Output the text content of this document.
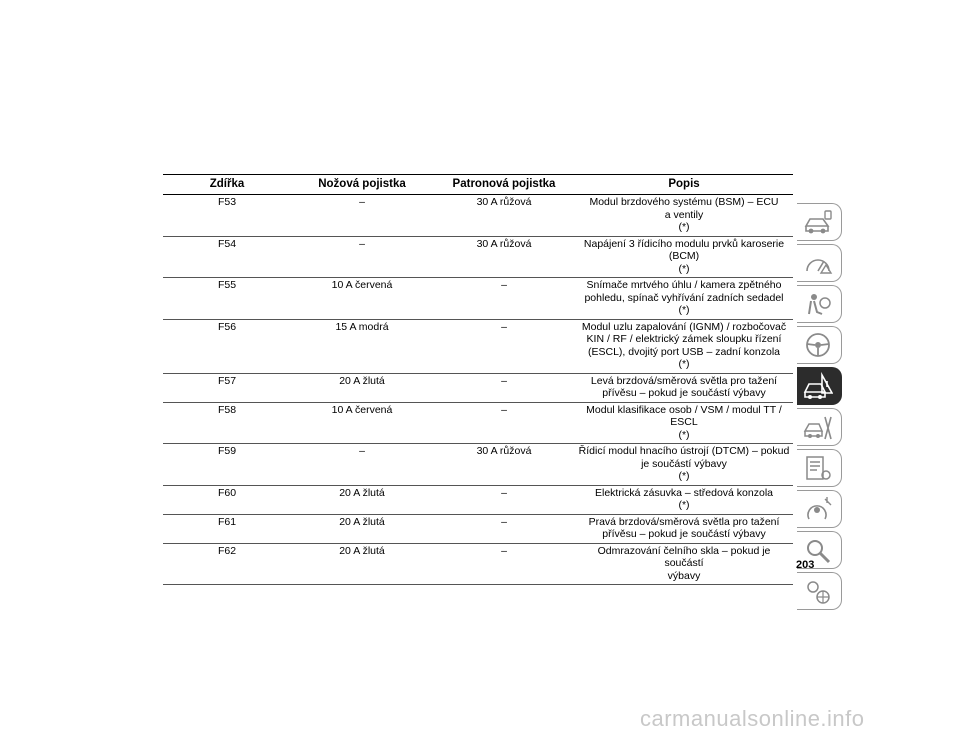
Zdířka	Nožová pojistka	Patronová pojistka	Popis
F53	–	30 A růžová	Modul brzdového systému (BSM) – ECU
a ventily
(*)
F54	–	30 A růžová	Napájení 3 řídicího modulu prvků karoserie
(BCM)
(*)
F55	10 A červená	–	Snímače mrtvého úhlu / kamera zpětného
pohledu, spínač vyhřívání zadních sedadel
(*)
F56	15 A modrá	–	Modul uzlu zapalování (IGNM) / rozbočovač
KIN / RF / elektrický zámek sloupku řízení
(ESCL), dvojitý port USB – zadní konzola
(*)
F57	20 A žlutá	–	Levá brzdová/směrová světla pro tažení
přívěsu – pokud je součástí výbavy
F58	10 A červená	–	Modul klasifikace osob / VSM / modul TT /
ESCL
(*)
F59	–	30 A růžová	Řídicí modul hnacího ústrojí (DTCM) – pokud
je součástí výbavy
(*)
F60	20 A žlutá	–	Elektrická zásuvka – středová konzola
(*)
F61	20 A žlutá	–	Pravá brzdová/směrová světla pro tažení
přívěsu – pokud je součástí výbavy
F62	20 A žlutá	–	Odmrazování čelního skla – pokud je součástí
výbavy
203
carmanualsonline.info
